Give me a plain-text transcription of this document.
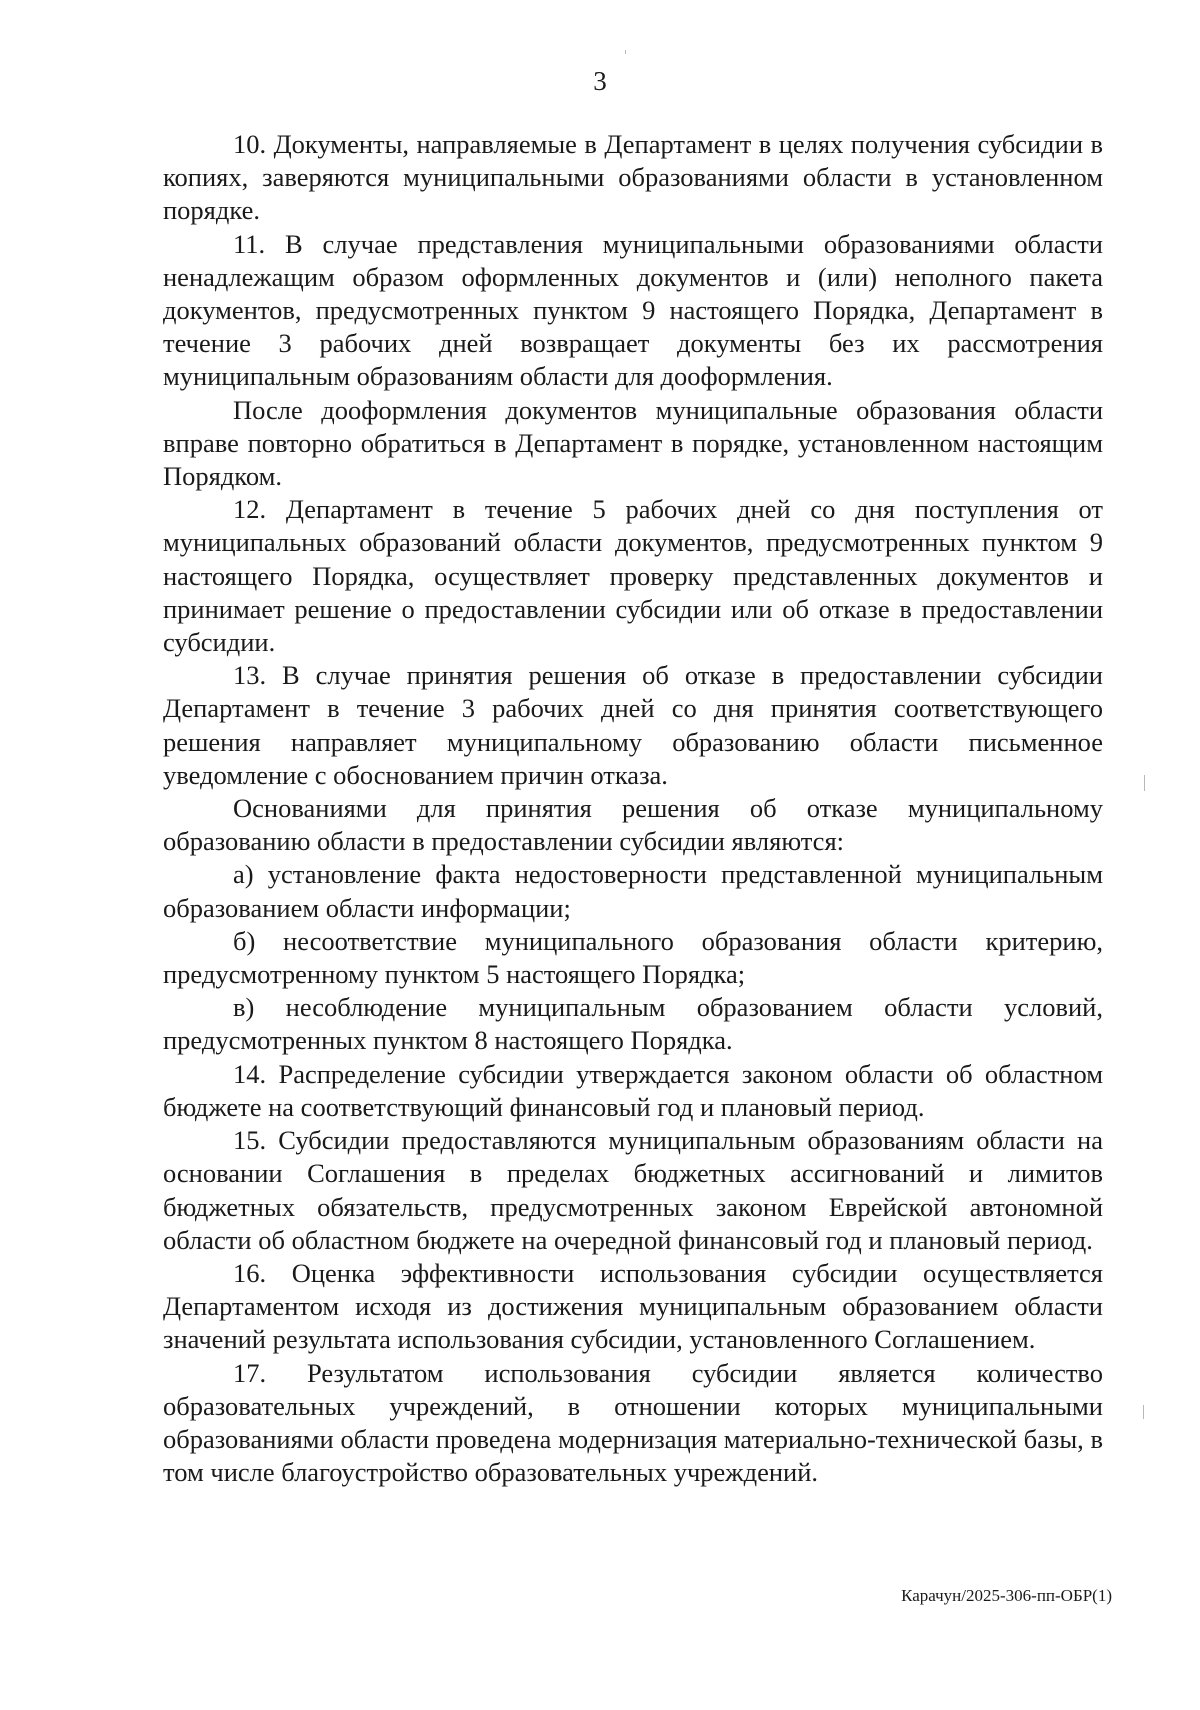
3

10. Документы, направляемые в Департамент в целях получения субсидии в копиях, заверяются муниципальными образованиями области в установленном порядке.

11. В случае представления муниципальными образованиями области ненадлежащим образом оформленных документов и (или) неполного пакета документов, предусмотренных пунктом 9 настоящего Порядка, Департамент в течение 3 рабочих дней возвращает документы без их рассмотрения муниципальным образованиям области для дооформления.

После дооформления документов муниципальные образования области вправе повторно обратиться в Департамент в порядке, установленном настоящим Порядком.

12. Департамент в течение 5 рабочих дней со дня поступления от муниципальных образований области документов, предусмотренных пунктом 9 настоящего Порядка, осуществляет проверку представленных документов и принимает решение о предоставлении субсидии или об отказе в предоставлении субсидии.

13. В случае принятия решения об отказе в предоставлении субсидии Департамент в течение 3 рабочих дней со дня принятия соответствующего решения направляет муниципальному образованию области письменное уведомление с обоснованием причин отказа.

Основаниями для принятия решения об отказе муниципальному образованию области в предоставлении субсидии являются:

а) установление факта недостоверности представленной муниципальным образованием области информации;

б) несоответствие муниципального образования области критерию, предусмотренному пунктом 5 настоящего Порядка;

в) несоблюдение муниципальным образованием области условий, предусмотренных пунктом 8 настоящего Порядка.

14. Распределение субсидии утверждается законом области об областном бюджете на соответствующий финансовый год и плановый период.

15. Субсидии предоставляются муниципальным образованиям области на основании Соглашения в пределах бюджетных ассигнований и лимитов бюджетных обязательств, предусмотренных законом Еврейской автономной области об областном бюджете на очередной финансовый год и плановый период.

16. Оценка эффективности использования субсидии осуществляется Департаментом исходя из достижения муниципальным образованием области значений результата использования субсидии, установленного Соглашением.

17. Результатом использования субсидии является количество образовательных учреждений, в отношении которых муниципальными образованиями области проведена модернизация материально-технической базы, в том числе благоустройство образовательных учреждений.

Карачун/2025-306-пп-ОБР(1)
